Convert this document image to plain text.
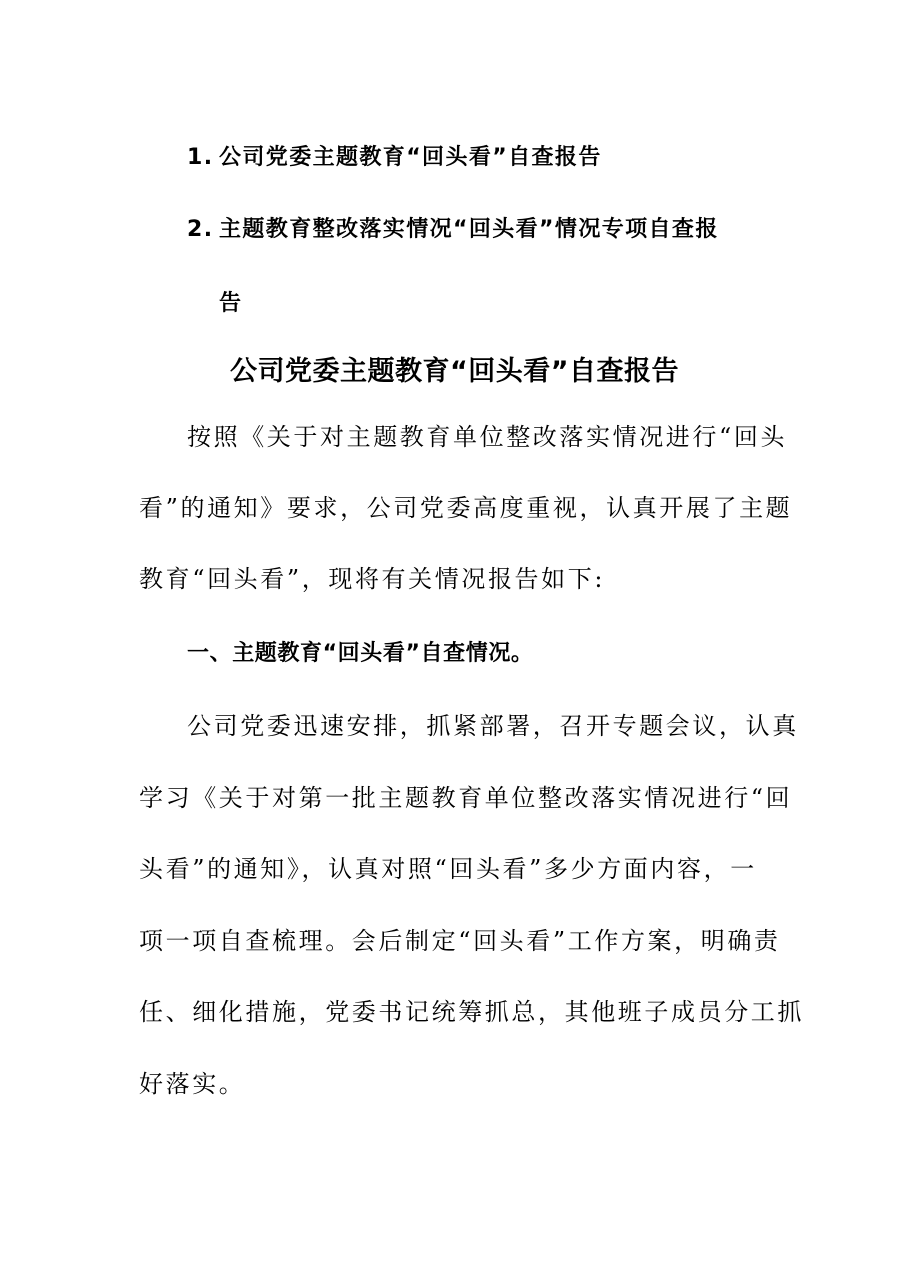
1. 公司党委主题教育“回头看”自查报告
2. 主题教育整改落实情况“回头看”情况专项自查报
告
公司党委主题教育“回头看”自查报告
按照《关于对主题教育单位整改落实情况进行“回头
看”的通知》要求，公司党委高度重视，认真开展了主题
教育“回头看”，现将有关情况报告如下:
一、主题教育“回头看”自查情况。
公司党委迅速安排，抓紧部署，召开专题会议，认真
学习《关于对第一批主题教育单位整改落实情况进行“回
头看”的通知》，认真对照“回头看”多少方面内容，一
项一项自查梳理。会后制定“回头看”工作方案，明确责
任、细化措施，党委书记统筹抓总，其他班子成员分工抓
好落实。
